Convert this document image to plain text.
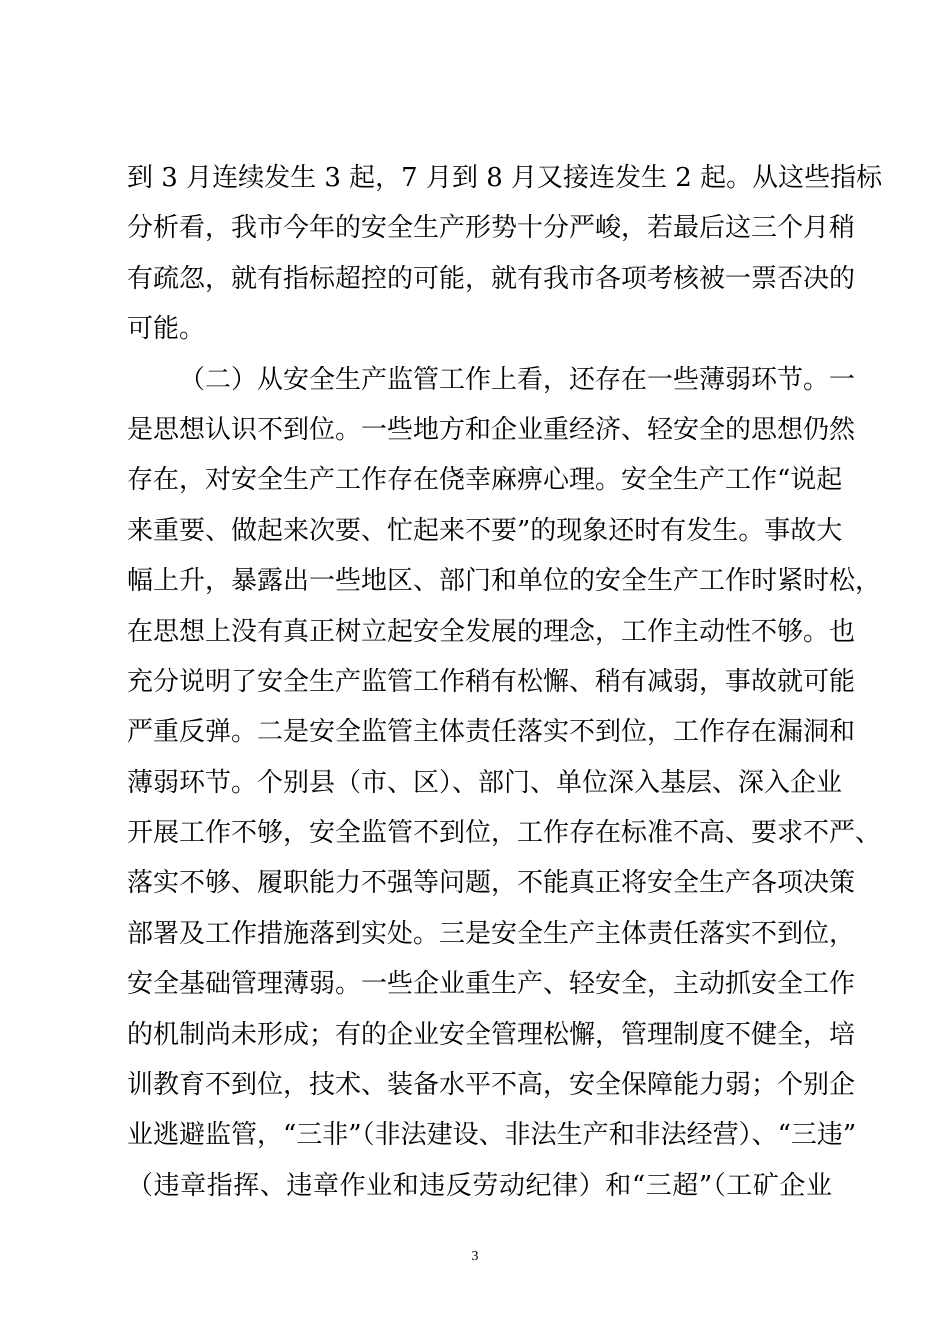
到 3 月连续发生 3 起，7 月到 8 月又接连发生 2 起。从这些指标
分析看，我市今年的安全生产形势十分严峻，若最后这三个月稍
有疏忽，就有指标超控的可能，就有我市各项考核被一票否决的
可能。
（二）从安全生产监管工作上看，还存在一些薄弱环节。一
是思想认识不到位。一些地方和企业重经济、轻安全的思想仍然
存在，对安全生产工作存在侥幸麻痹心理。安全生产工作“说起
来重要、做起来次要、忙起来不要”的现象还时有发生。事故大
幅上升，暴露出一些地区、部门和单位的安全生产工作时紧时松，
在思想上没有真正树立起安全发展的理念，工作主动性不够。也
充分说明了安全生产监管工作稍有松懈、稍有减弱，事故就可能
严重反弹。二是安全监管主体责任落实不到位，工作存在漏洞和
薄弱环节。个别县（市、区）、部门、单位深入基层、深入企业
开展工作不够，安全监管不到位，工作存在标准不高、要求不严、
落实不够、履职能力不强等问题，不能真正将安全生产各项决策
部署及工作措施落到实处。三是安全生产主体责任落实不到位，
安全基础管理薄弱。一些企业重生产、轻安全，主动抓安全工作
的机制尚未形成；有的企业安全管理松懈，管理制度不健全，培
训教育不到位，技术、装备水平不高，安全保障能力弱；个别企
业逃避监管，“三非”（非法建设、非法生产和非法经营）、“三违”
（违章指挥、违章作业和违反劳动纪律）和“三超”（工矿企业
3
